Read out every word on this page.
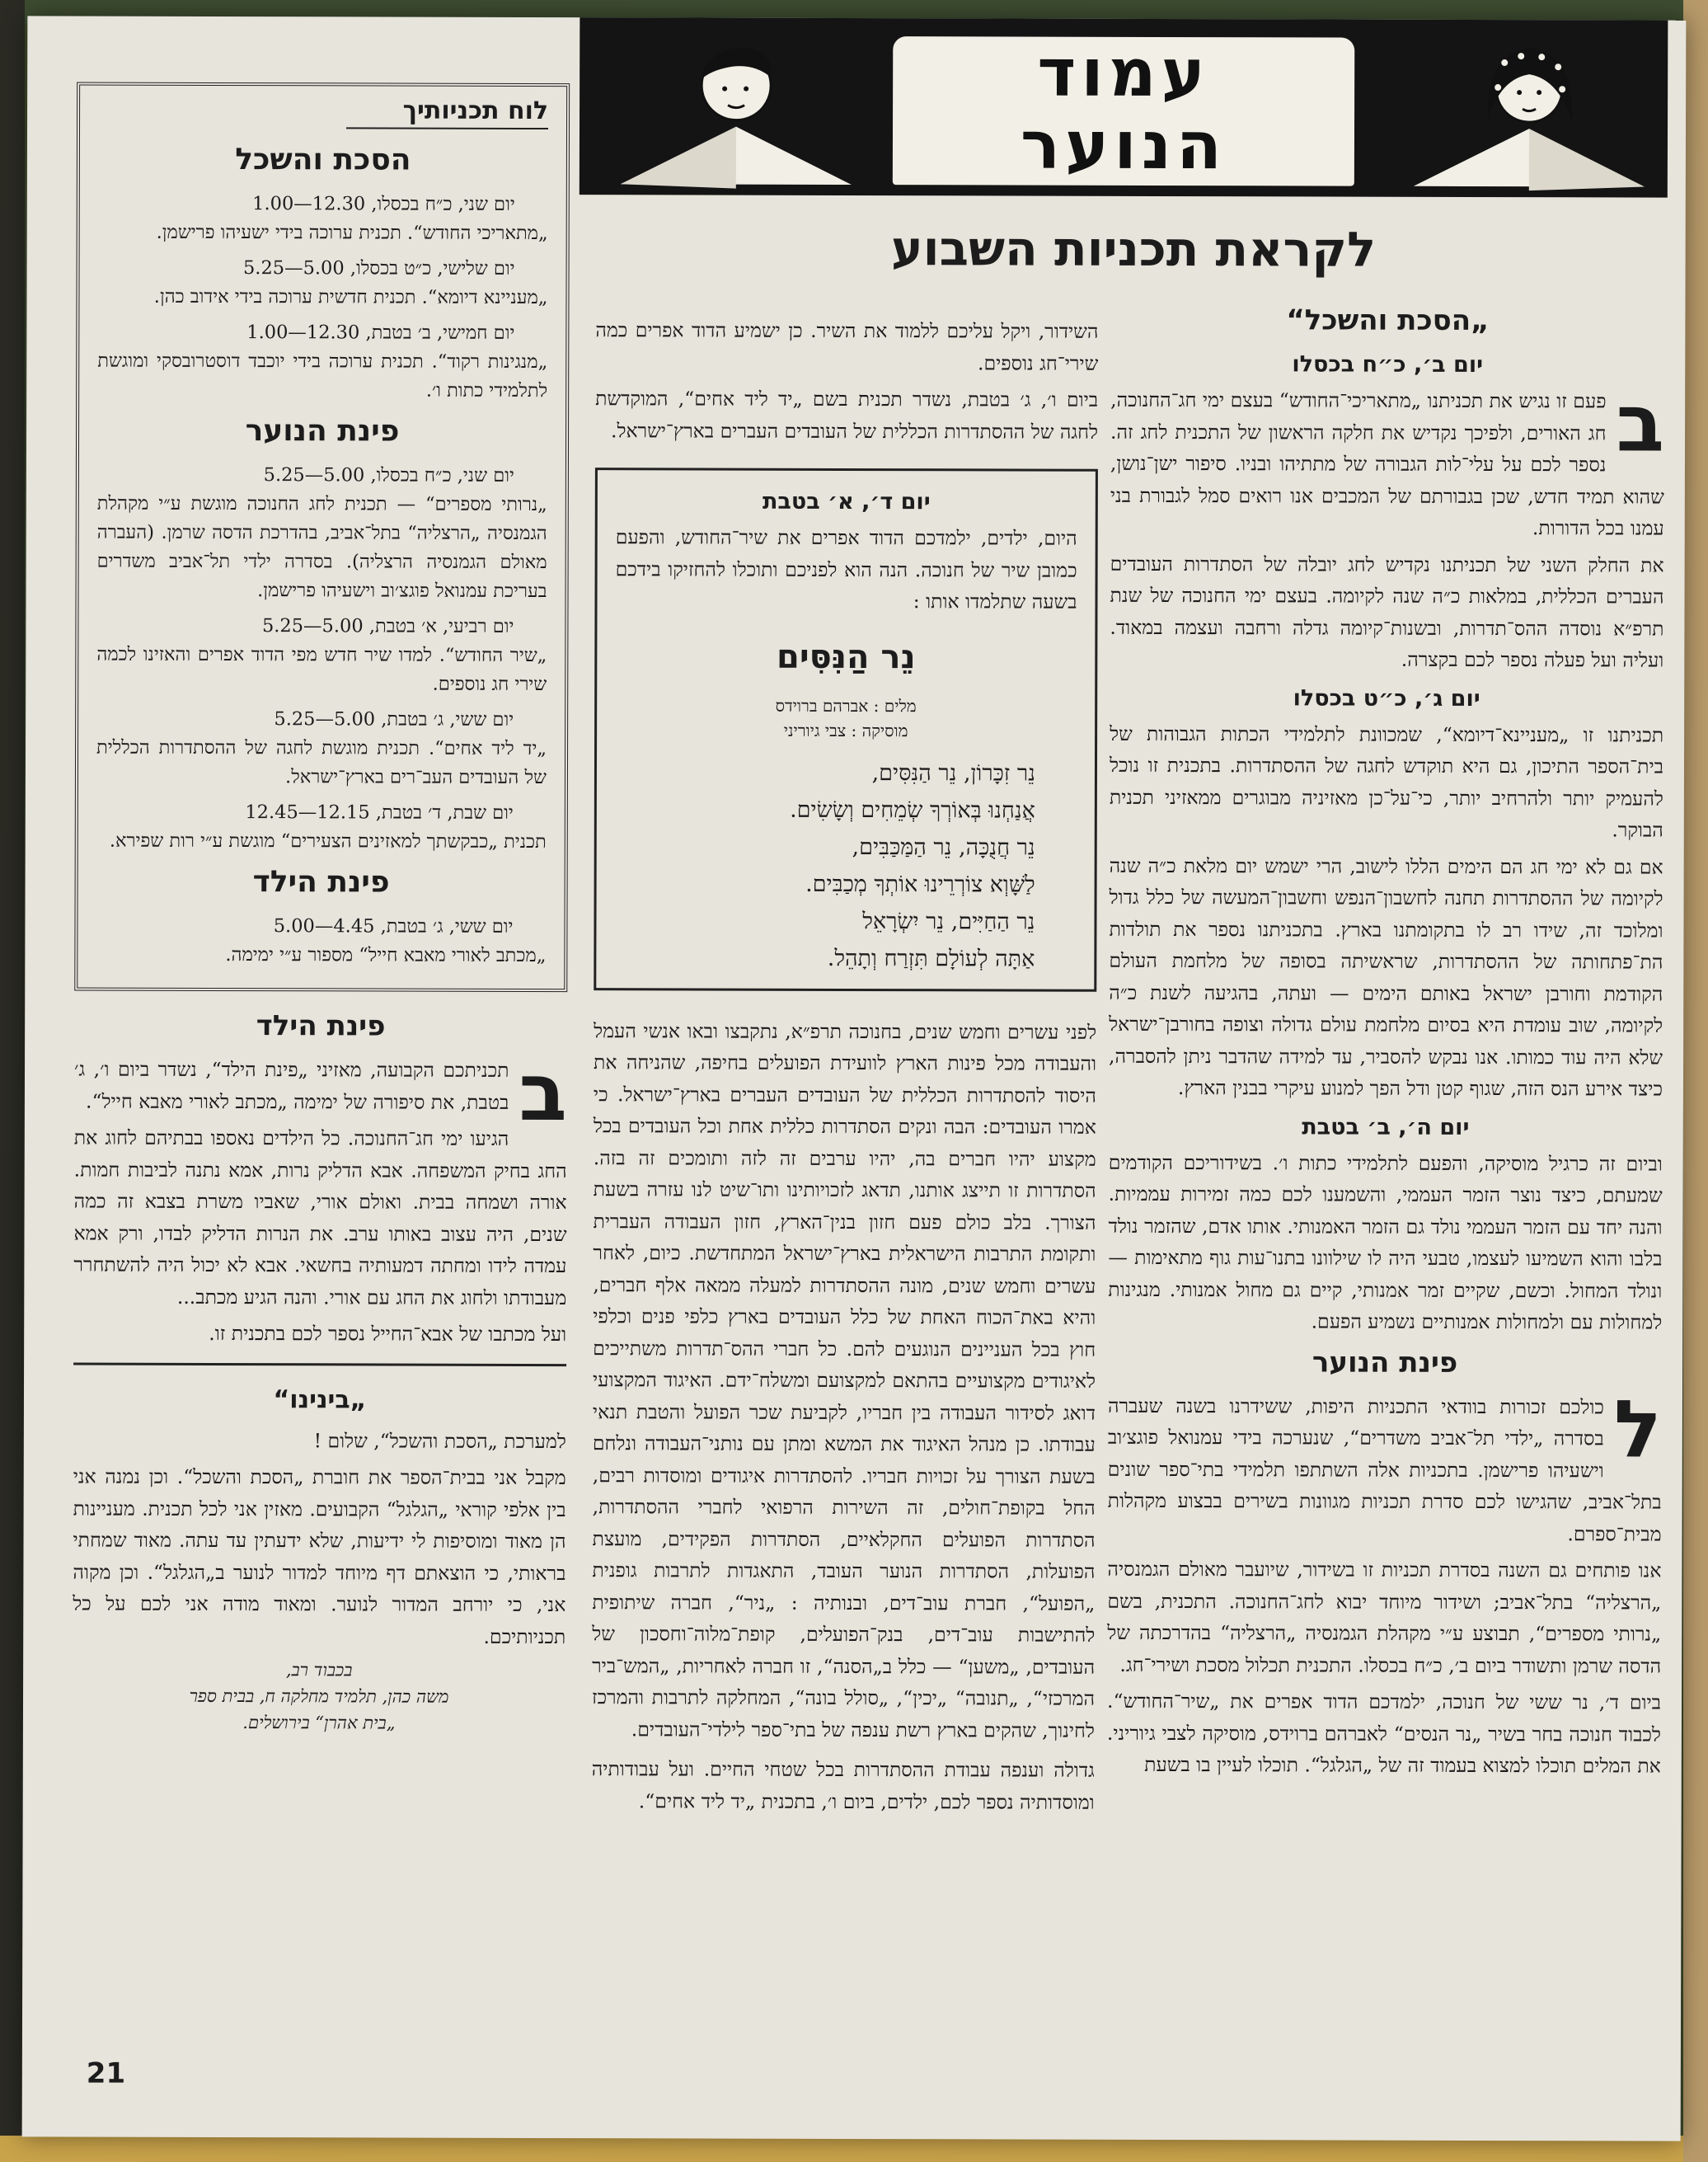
עמוד
הנוער
לקראת תכניות השבוע
„הסכת והשכל“
יום ב׳, כ״ח בכסלו

ב
פעם זו נגיש את תכניתנו „מתאריכי־החודש“ בעצם ימי חג־החנוכה, חג האורים, ולפיכך נקדיש את חלקה הראשון של התכנית לחג זה. נספר לכם על עלי־לות הגבורה של מתתיהו ובניו. סיפור ישן־נושן, שהוא תמיד חדש, שכן בגבורתם של המכבים אנו רואים סמל לגבורת בני עמנו בכל הדורות.

את החלק השני של תכניתנו נקדיש לחג יובלה של הסתדרות העובדים העברים הכללית, במלאות כ״ה שנה לקיומה. בעצם ימי החנוכה של שנת תרפ״א נוסדה ההס־תדרות, ובשנות־קיומה גדלה ורחבה ועצמה במאוד. ועליה ועל פעלה נספר לכם בקצרה.

יום ג׳, כ״ט בכסלו

תכניתנו זו „מעניינא־דיומא“, שמכוונת לתלמידי הכתות הגבוהות של בית־הספר התיכון, גם היא תוקדש לחגה של ההסתדרות. בתכנית זו נוכל להעמיק יותר ולהרחיב יותר, כי־על־כן מאזיניה מבוגרים ממאזיני תכנית הבוקר.

אם גם לא ימי חג הם הימים הללו לישוב, הרי ישמש יום מלאת כ״ה שנה לקיומה של ההסתדרות תחנה לחשבון־הנפש וחשבון־המעשה של כלל גדול ומלוכד זה, שידו רב לו בתקומתנו בארץ. בתכניתנו נספר את תולדות הת־פתחותה של ההסתדרות, שראשיתה בסופה של מלחמת העולם הקודמת וחורבן ישראל באותם הימים — ועתה, בהגיעה לשנת כ״ה לקיומה, שוב עומדת היא בסיום מלחמת עולם גדולה וצופה בחורבן־ישראל שלא היה עוד כמותו. אנו נבקש להסביר, עד למידה שהדבר ניתן להסברה, כיצד אירע הנס הזה, שגוף קטן ודל הפך למנוע עיקרי בבנין הארץ.

יום ה׳, ב׳ בטבת

וביום זה כרגיל מוסיקה, והפעם לתלמידי כתות ו׳. בשידוריכם הקודמים שמעתם, כיצד נוצר הזמר העממי, והשמענו לכם כמה זמירות עממיות. והנה יחד עם הזמר העממי נולד גם הזמר האמנותי. אותו אדם, שהזמר נולד בלבו והוא השמיעו לעצמו, טבעי היה לו שילוונו בתנו־עות גוף מתאימות — ונולד המחול. וכשם, שקיים זמר אמנותי, קיים גם מחול אמנותי. מנגינות למחולות עם ולמחולות אמנותיים נשמיע הפעם.

פינת הנוער

ל
כולכם זכורות בוודאי התכניות היפות, ששידרנו בשנה שעברה בסדרה „ילדי תל־אביב משדרים“, שנערכה בידי עמנואל פוגצ׳וב וישעיהו פרישמן. בתכניות אלה השתתפו תלמידי בתי־ספר שונים בתל־אביב, שהגישו לכם סדרת תכניות מגוונות בשירים בבצוע מקהלות מבית־ספרם.

אנו פותחים גם השנה בסדרת תכניות זו בשידור, שיועבר מאולם הגמנסיה „הרצליה“ בתל־אביב; ושידור מיוחד יבוא לחג־החנוכה. התכנית, בשם „נרותי מספרים“, תבוצע ע״י מקהלת הגמנסיה „הרצליה“ בהדרכתה של הדסה שרמן ותשודר ביום ב׳, כ״ח בכסלו. התכנית תכלול מסכת ושירי־חג.

ביום ד׳, נר ששי של חנוכה, ילמדכם הדוד אפרים את „שיר־החודש“. לכבוד חנוכה בחר בשיר „נר הנסים“ לאברהם ברוידס, מוסיקה לצבי גיוריני. את המלים תוכלו למצוא בעמוד זה של „הגלגל“. תוכלו לעיין בו בשעת

השידור, ויקל עליכם ללמוד את השיר. כן ישמיע הדוד אפרים כמה שירי־חג נוספים.

ביום ו׳, ג׳ בטבת, נשדר תכנית בשם „יד ליד אחים“, המוקדשת לחגה של ההסתדרות הכללית של העובדים העברים בארץ־ישראל.

יום ד׳, א׳ בטבת

היום, ילדים, ילמדכם הדוד אפרים את שיר־החודש, והפעם כמובן שיר של חנוכה. הנה הוא לפניכם ותוכלו להחזיקו בידכם בשעה שתלמדו אותו :

נֵר הַנִּסִּים
מלים : אברהם ברוידס
מוסיקה : צבי גיוריני
נֵר זִכָּרוֹן, נֵר הַנִּסִּים,
אֲנַחְנוּ בְּאוֹרְךָ שְׂמֵחִים וְשָׂשִׂים.
נֵר חֲנֻכָּה, נֵר הַמַּכַּבִּים,
לַשָּׁוְא צוֹרְרֵינוּ אוֹתְךָ מְכַבִּים.
נֵר הַחַיִּים, נֵר יִשְׂרָאֵל
אַתָּה לְעוֹלָם תִּזְרַח וְתָהֵל.

לפני עשרים וחמש שנים, בחנוכה תרפ״א, נתקבצו ובאו אנשי העמל והעבודה מכל פינות הארץ לוועידת הפועלים בחיפה, שהניחה את היסוד להסתדרות הכללית של העובדים העברים בארץ־ישראל. כי אמרו העובדים: הבה ונקים הסתדרות כללית אחת וכל העובדים בכל מקצוע יהיו חברים בה, יהיו ערבים זה לזה ותומכים זה בזה. הסתדרות זו תייצג אותנו, תדאג לזכויותינו ותו־שיט לנו עזרה בשעת הצורך. בלב כולם פעם חזון בנין־הארץ, חזון העבודה העברית ותקומת התרבות הישראלית בארץ־ישראל המתחדשת. כיום, לאחר עשרים וחמש שנים, מונה ההסתדרות למעלה ממאה אלף חברים, והיא באת־הכוח האחת של כלל העובדים בארץ כלפי פנים וכלפי חוץ בכל העניינים הנוגעים להם. כל חברי ההס־תדרות משתייכים לאיגודים מקצועיים בהתאם למקצועם ומשלח־ידם. האיגוד המקצועי דואג לסידור העבודה בין חבריו, לקביעת שכר הפועל והטבת תנאי עבודתו. כן מנהל האיגוד את המשא ומתן עם נותני־העבודה ונלחם בשעת הצורך על זכויות חבריו. להסתדרות איגודים ומוסדות רבים, החל בקופת־חולים, זה השירות הרפואי לחברי ההסתדרות, הסתדרות הפועלים החקלאיים, הסתדרות הפקידים, מועצת הפועלות, הסתדרות הנוער העובד, התאגדות לתרבות גופנית „הפועל“, חברת עוב־דים, ובנותיה : „ניר“, חברה שיתופית להתישבות עוב־דים, בנק־הפועלים, קופת־מלוה־וחסכון של העובדים, „משען“ — כלל ב„הסנה“, זו חברה לאחריות, „המש־ביר המרכזי“, „תנובה“ „יכין“, „סולל בונה“, המחלקה לתרבות והמרכז לחינוך, שהקים בארץ רשת ענפה של בתי־ספר לילדי־העובדים.

גדולה וענפה עבודת ההסתדרות בכל שטחי החיים. ועל עבודותיה ומוסדותיה נספר לכם, ילדים, ביום ו׳, בתכנית „יד ליד אחים“.

לוח תכניותיך
הסכת והשכל

יום שני, כ״ח בכסלו, 12.30—1.00
„מתאריכי החודש“. תכנית ערוכה בידי ישעיהו פרישמן.

יום שלישי, כ״ט בכסלו, 5.00—5.25
„מעניינא דיומא“. תכנית חדשית ערוכה בידי אידוב כהן.

יום חמישי, ב׳ בטבת, 12.30—1.00
„מנגינות רקוד“. תכנית ערוכה בידי יוכבד דוסטרובסקי ומוגשת לתלמידי כתות ו׳.

פינת הנוער

יום שני, כ״ח בכסלו, 5.00—5.25
„נרותי מספרים“ — תכנית לחג החנוכה מוגשת ע״י מקהלת הגמנסיה „הרצליה“ בתל־אביב, בהדרכת הדסה שרמן. (העברה מאולם הגמנסיה הרצליה). בסדרה ילדי תל־אביב משדרים בעריכת עמנואל פוגצ׳וב וישעיהו פרישמן.

יום רביעי, א׳ בטבת, 5.00—5.25
„שיר החודש“. למדו שיר חדש מפי הדוד אפרים והאזינו לכמה שירי חג נוספים.

יום ששי, ג׳ בטבת, 5.00—5.25
„יד ליד אחים“. תכנית מוגשת לחגה של ההסתדרות הכללית של העובדים העב־רים בארץ־ישראל.

יום שבת, ד׳ בטבת, 12.15—12.45
תכנית „כבקשתך למאזינים הצעירים“ מוגשת ע״י רות שפירא.

פינת הילד

יום ששי, ג׳ בטבת, 4.45—5.00
„מכתב לאורי מאבא חייל“ מספור ע״י ימימה.

פינת הילד

ב
תכניתכם הקבועה, מאזיני „פינת הילד“, נשדר ביום ו׳, ג׳ בטבת, את סיפורה של ימימה „מכתב לאורי מאבא חייל“.

הגיעו ימי חג־החנוכה. כל הילדים נאספו בבתיהם לחוג את החג בחיק המשפחה. אבא הדליק נרות, אמא נתנה לביבות חמות. אורה ושמחה בבית. ואולם אורי, שאביו משרת בצבא זה כמה שנים, היה עצוב באותו ערב. את הנרות הדליק לבדו, ורק אמא עמדה לידו ומחתה דמעותיה בחשאי. אבא לא יכול היה להשתחרר מעבודתו ולחוג את החג עם אורי. והנה הגיע מכתב...

ועל מכתבו של אבא־החייל נספר לכם בתכנית זו.

„בינינו“

למערכת „הסכת והשכל“, שלום !

מקבל אני בבית־הספר את חוברת „הסכת והשכל“. וכן נמנה אני בין אלפי קוראי „הגלגל“ הקבועים. מאזין אני לכל תכנית. מעניינות הן מאוד ומוסיפות לי ידיעות, שלא ידעתין עד עתה. מאוד שמחתי בראותי, כי הוצאתם דף מיוחד למדור לנוער ב„הגלגל“. וכן מקוה אני, כי יורחב המדור לנוער. ומאוד מודה אני לכם על כל תכניותיכם.

בכבוד רב,
משה כהן, תלמיד מחלקה ח, בבית ספר
„בית אהרן“ בירושלים.
21
